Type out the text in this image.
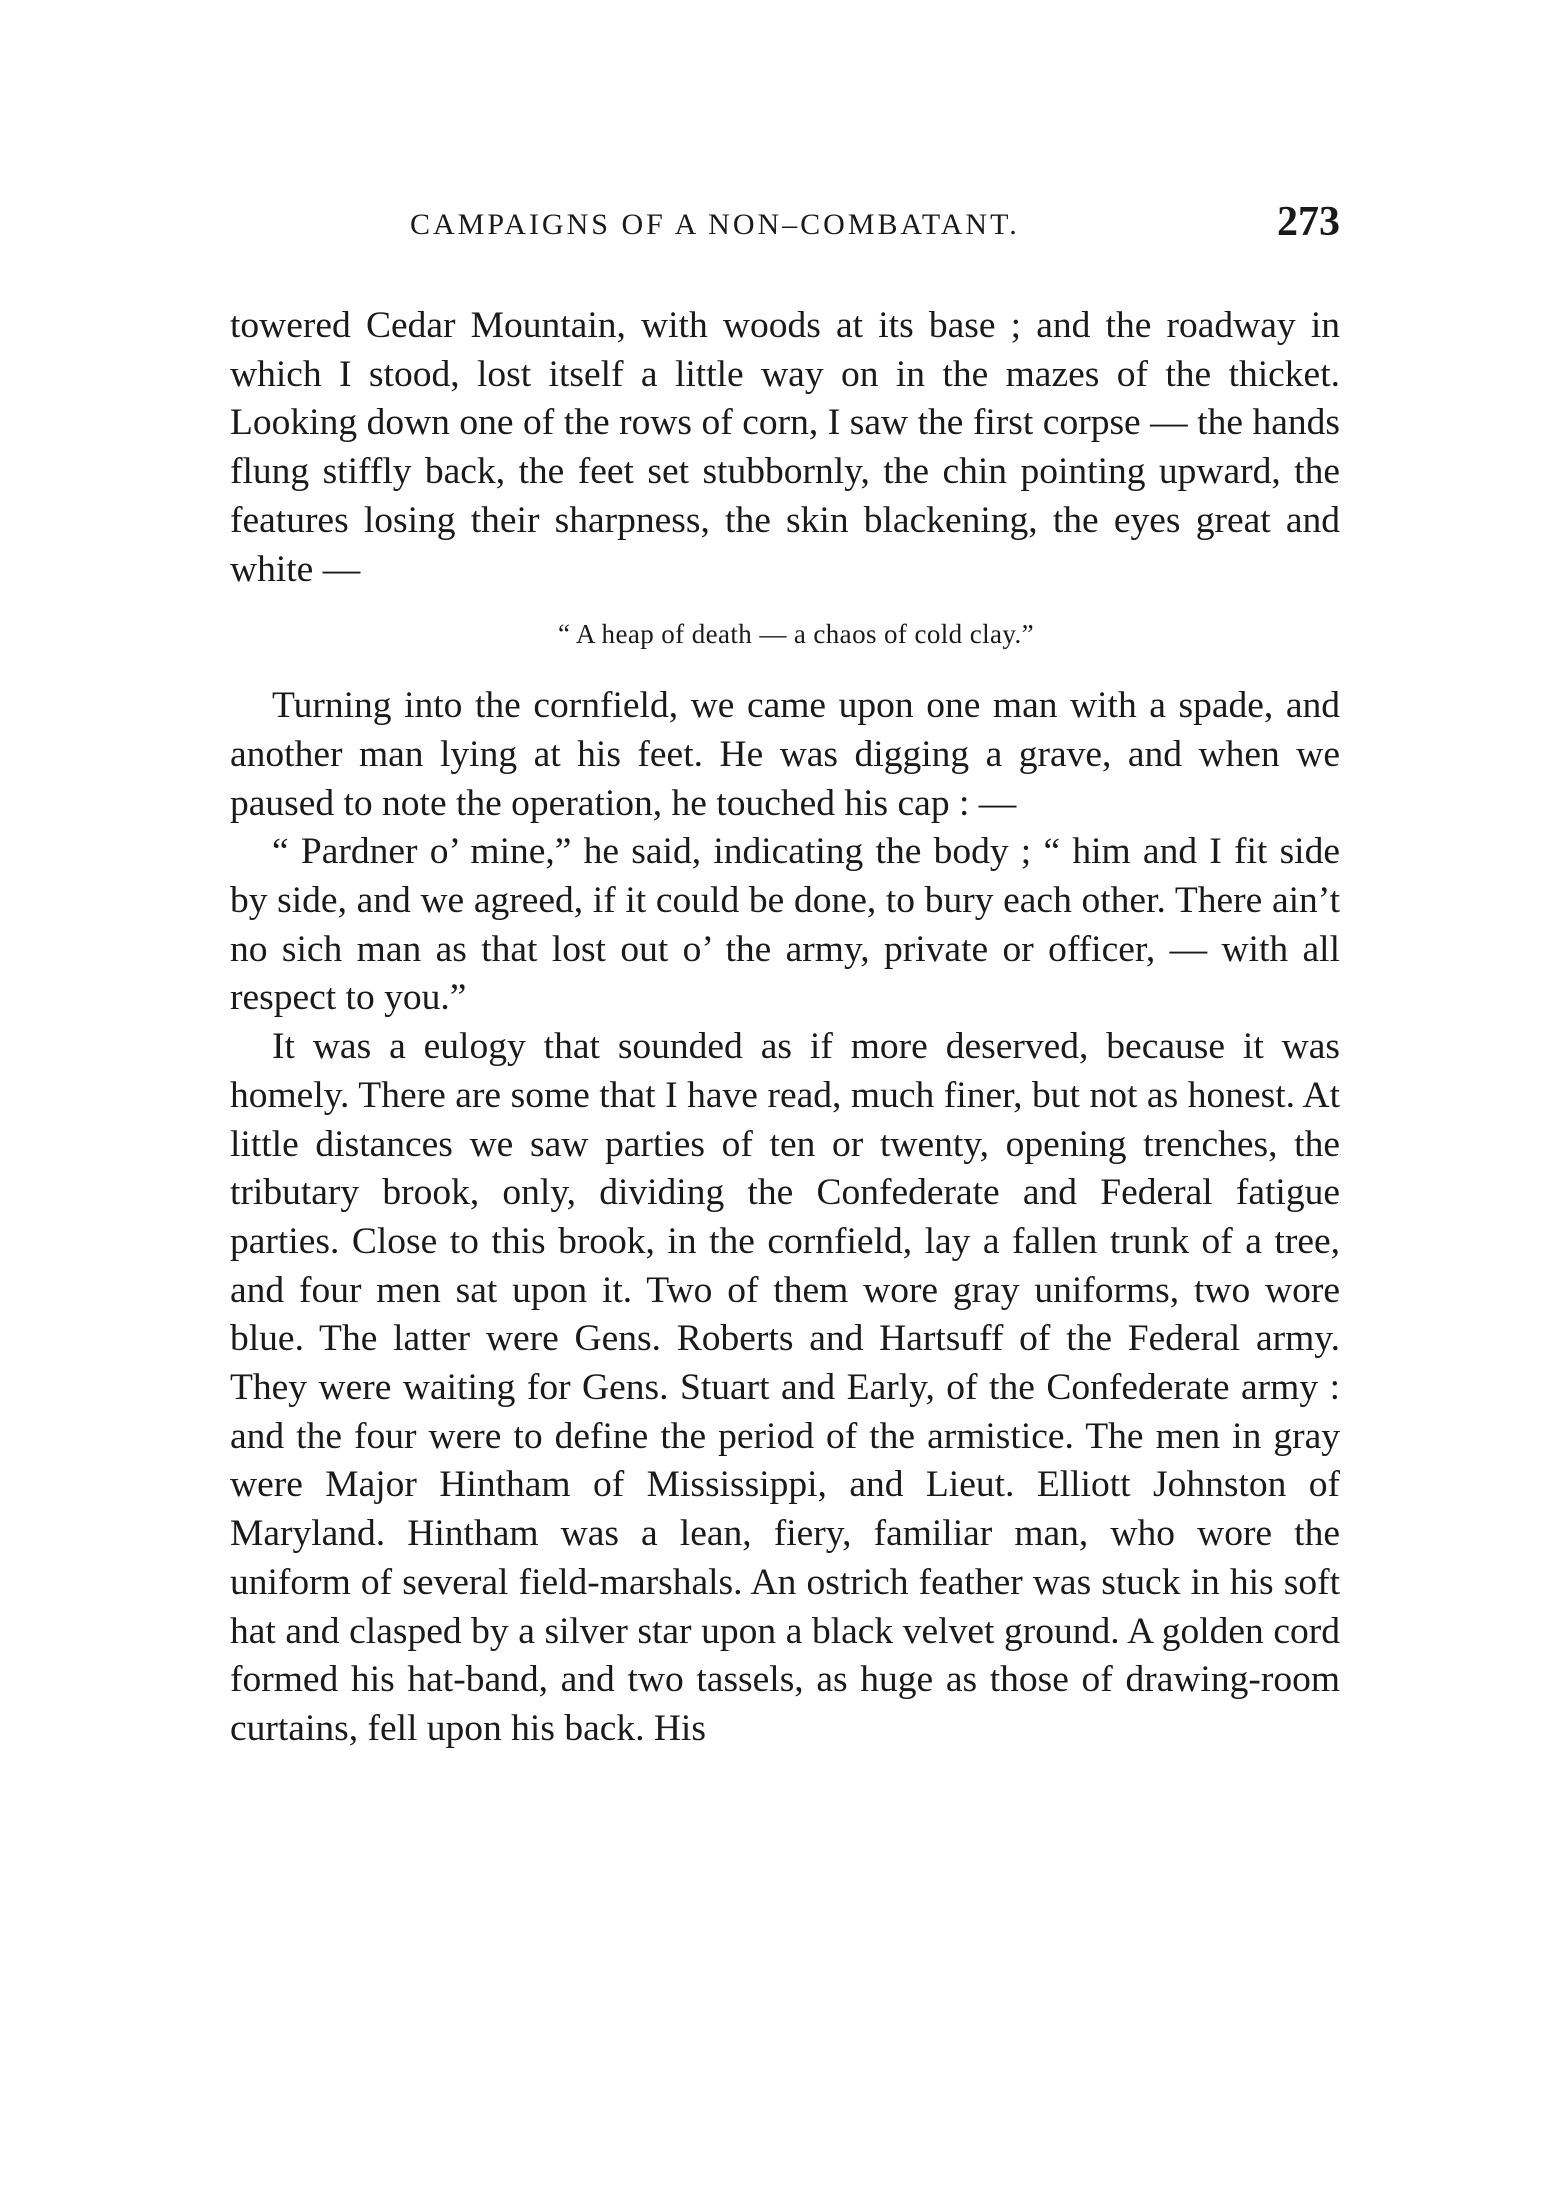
CAMPAIGNS OF A NON–COMBATANT.	273

towered Cedar Mountain, with woods at its base ; and the roadway in which I stood, lost itself a little way on in the mazes of the thicket. Looking down one of the rows of corn, I saw the first corpse — the hands flung stiffly back, the feet set stubbornly, the chin pointing upward, the features losing their sharpness, the skin blackening, the eyes great and white —

“ A heap of death — a chaos of cold clay.”

Turning into the cornfield, we came upon one man with a spade, and another man lying at his feet. He was digging a grave, and when we paused to note the operation, he touched his cap : —

“ Pardner o’ mine,” he said, indicating the body ; “ him and I fit side by side, and we agreed, if it could be done, to bury each other. There ain’t no sich man as that lost out o’ the army, private or officer, — with all respect to you.”

It was a eulogy that sounded as if more deserved, because it was homely. There are some that I have read, much finer, but not as honest. At little distances we saw parties of ten or twenty, opening trenches, the tributary brook, only, dividing the Confederate and Federal fatigue parties. Close to this brook, in the cornfield, lay a fallen trunk of a tree, and four men sat upon it. Two of them wore gray uniforms, two wore blue. The latter were Gens. Roberts and Hartsuff of the Federal army. They were waiting for Gens. Stuart and Early, of the Confederate army : and the four were to define the period of the armistice. The men in gray were Major Hintham of Mississippi, and Lieut. Elliott Johnston of Maryland. Hintham was a lean, fiery, familiar man, who wore the uniform of several field-marshals. An ostrich feather was stuck in his soft hat and clasped by a silver star upon a black velvet ground. A golden cord formed his hat-band, and two tassels, as huge as those of drawing-room curtains, fell upon his back. His
